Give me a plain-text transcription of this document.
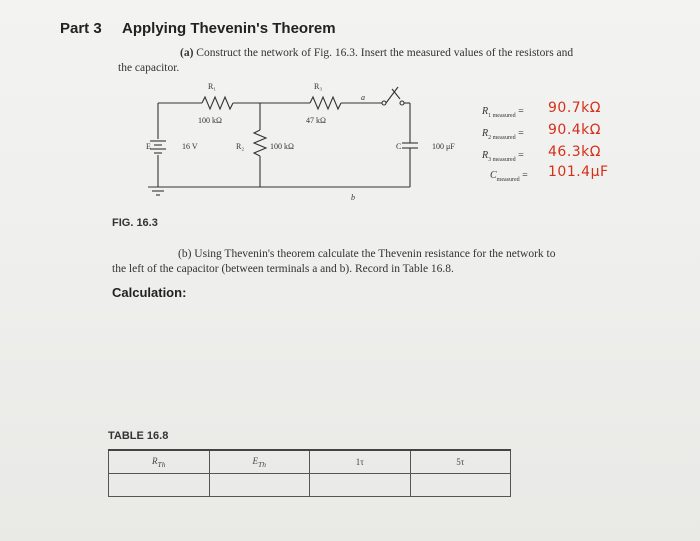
Part 3 Applying Thevenin's Theorem
(a) Construct the network of Fig. 16.3. Insert the measured values of the resistors and
the capacitor.
R₁
100 kΩ
R₃
47 kΩ
a
b
E	16 V	R₂	100 kΩ	C	100 μF
$R_{1 measured} = 90.7k\Omega$
$R_{2 measured} = 90.4k\Omega$
$R_{3 measured} = 46.3k\Omega$
$C_{measured} = 101.4\mu F$
FIG. 16.3
(b) Using Thevenin's theorem calculate the Thevenin resistance for the network to
the left of the capacitor (between terminals a and b). Record in Table 16.8.
Calculation:
TABLE 16.8
$R_{Th}$	$E_{Th}$	1τ	5τ
